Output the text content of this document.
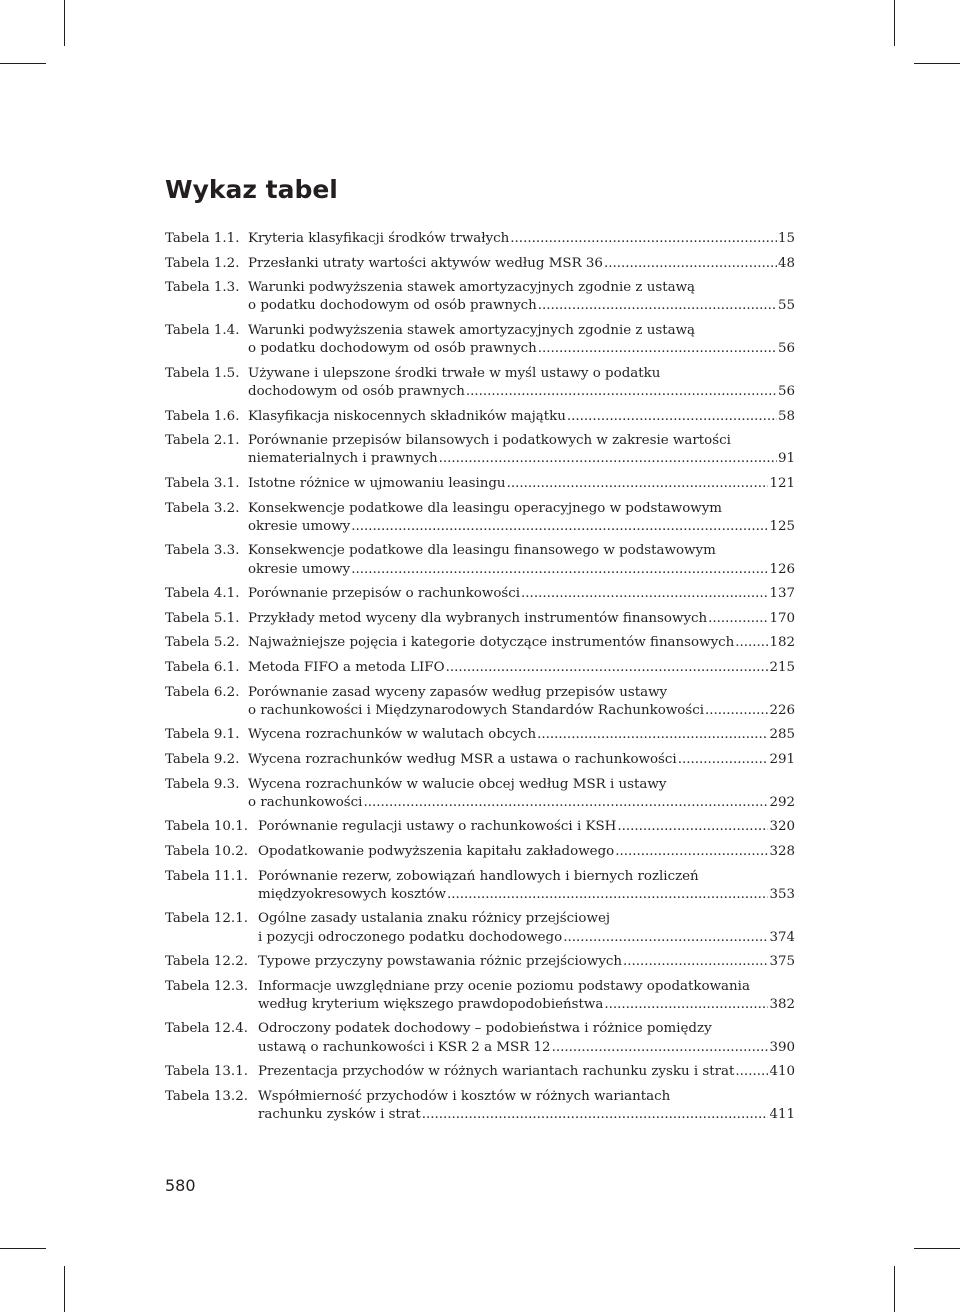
Wykaz tabel
Tabela 1.1. Kryteria klasyfikacji środków trwałych .....	15
Tabela 1.2. Przesłanki utraty wartości aktywów według MSR 36 .....	48
Tabela 1.3. Warunki podwyższenia stawek amortyzacyjnych zgodnie z ustawą
o podatku dochodowym od osób prawnych .....	55
Tabela 1.4. Warunki podwyższenia stawek amortyzacyjnych zgodnie z ustawą
o podatku dochodowym od osób prawnych .....	56
Tabela 1.5. Używane i ulepszone środki trwałe w myśl ustawy o podatku
dochodowym od osób prawnych .....	56
Tabela 1.6. Klasyfikacja niskocennych składników majątku .....	58
Tabela 2.1. Porównanie przepisów bilansowych i podatkowych w zakresie wartości
niematerialnych i prawnych .....	91
Tabela 3.1. Istotne różnice w ujmowaniu leasingu .....	121
Tabela 3.2. Konsekwencje podatkowe dla leasingu operacyjnego w podstawowym
okresie umowy .....	125
Tabela 3.3. Konsekwencje podatkowe dla leasingu finansowego w podstawowym
okresie umowy .....	126
Tabela 4.1. Porównanie przepisów o rachunkowości .....	137
Tabela 5.1. Przykłady metod wyceny dla wybranych instrumentów finansowych .....	170
Tabela 5.2. Najważniejsze pojęcia i kategorie dotyczące instrumentów finansowych .....	182
Tabela 6.1. Metoda FIFO a metoda LIFO .....	215
Tabela 6.2. Porównanie zasad wyceny zapasów według przepisów ustawy
o rachunkowości i Międzynarodowych Standardów Rachunkowości .....	226
Tabela 9.1. Wycena rozrachunków w walutach obcych .....	285
Tabela 9.2. Wycena rozrachunków według MSR a ustawa o rachunkowości .....	291
Tabela 9.3. Wycena rozrachunków w walucie obcej według MSR i ustawy
o rachunkowości .....	292
Tabela 10.1. Porównanie regulacji ustawy o rachunkowości i KSH .....	320
Tabela 10.2. Opodatkowanie podwyższenia kapitału zakładowego .....	328
Tabela 11.1. Porównanie rezerw, zobowiązań handlowych i biernych rozliczeń
międzyokresowych kosztów .....	353
Tabela 12.1. Ogólne zasady ustalania znaku różnicy przejściowej
i pozycji odroczonego podatku dochodowego .....	374
Tabela 12.2. Typowe przyczyny powstawania różnic przejściowych .....	375
Tabela 12.3. Informacje uwzględniane przy ocenie poziomu podstawy opodatkowania
według kryterium większego prawdopodobieństwa .....	382
Tabela 12.4. Odroczony podatek dochodowy – podobieństwa i różnice pomiędzy
ustawą o rachunkowości i KSR 2 a MSR 12 .....	390
Tabela 13.1. Prezentacja przychodów w różnych wariantach rachunku zysku i strat .....	410
Tabela 13.2. Współmierność przychodów i kosztów w różnych wariantach
rachunku zysków i strat .....	411
580
